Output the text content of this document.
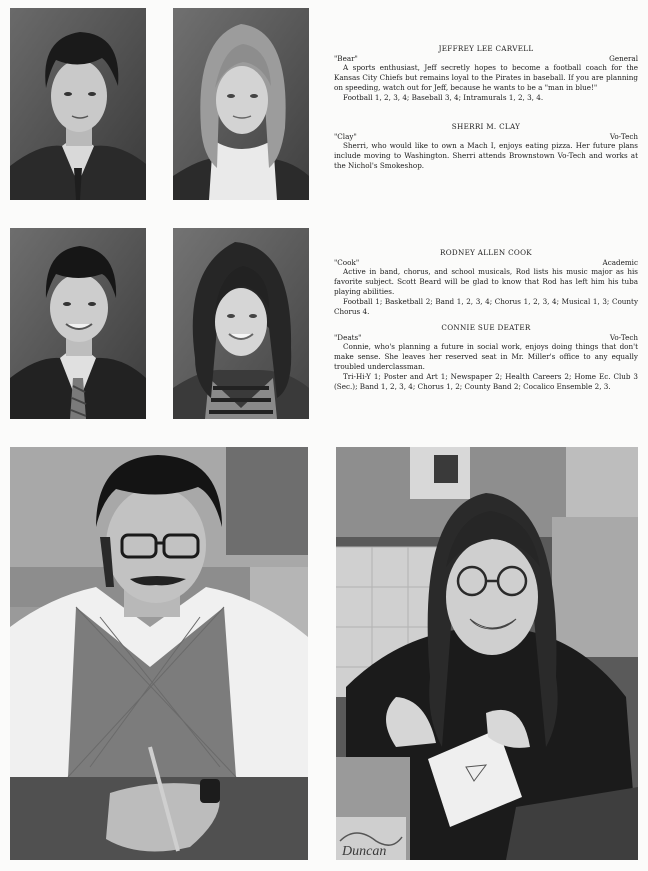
Duncan
JEFFREY LEE CARVELL
"Bear"	General

A sports enthusiast, Jeff secretly hopes to become a football coach for the Kansas City Chiefs but remains loyal to the Pirates in baseball. If you are planning on speeding, watch out for Jeff, because he wants to be a "man in blue!"

Football 1, 2, 3, 4; Baseball 3, 4; Intramurals 1, 2, 3, 4.
SHERRI M. CLAY
"Clay"	Vo-Tech

Sherri, who would like to own a Mach I, enjoys eating pizza. Her future plans include moving to Washington. Sherri attends Brownstown Vo-Tech and works at the Nichol's Smokeshop.

RODNEY ALLEN COOK
"Cook"	Academic

Active in band, chorus, and school musicals, Rod lists his music major as his favorite subject. Scott Beard will be glad to know that Rod has left him his tuba playing abilities.

Football 1; Basketball 2; Band 1, 2, 3, 4; Chorus 1, 2, 3, 4; Musical 1, 3; County Chorus 4.
CONNIE SUE DEATER
"Deats"	Vo-Tech

Connie, who's planning a future in social work, enjoys doing things that don't make sense. She leaves her reserved seat in Mr. Miller's office to any equally troubled underclassman.

Tri-Hi-Y 1; Poster and Art 1; Newspaper 2; Health Careers 2; Home Ec. Club 3 (Sec.); Band 1, 2, 3, 4; Chorus 1, 2; County Band 2; Cocalico Ensemble 2, 3.
